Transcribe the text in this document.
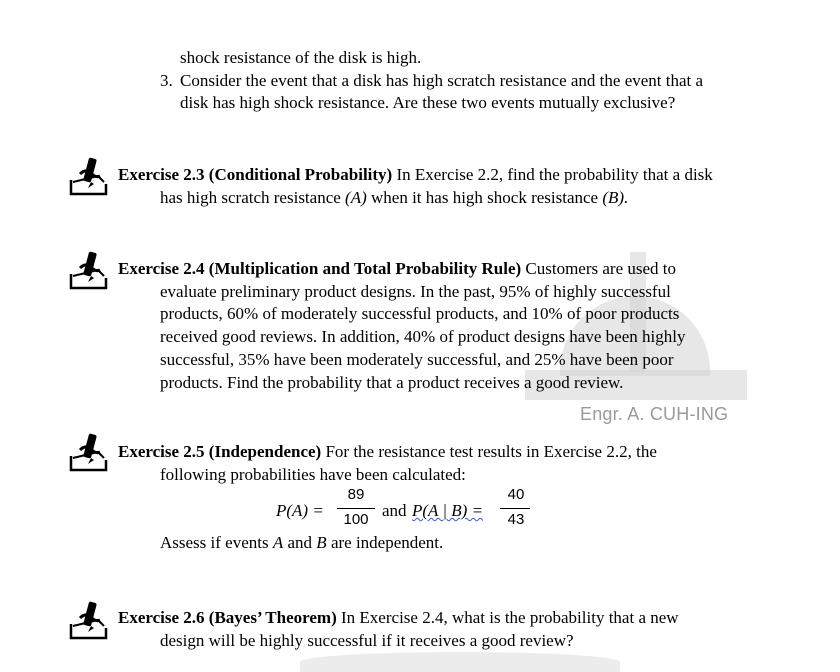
Engr. A. CUH-ING
shock resistance of the disk is high.
3. Consider the event that a disk has high scratch resistance and the event that a
disk has high shock resistance. Are these two events mutually exclusive?
Exercise 2.3 (Conditional Probability) In Exercise 2.2, find the probability that a disk
has high scratch resistance (A) when it has high shock resistance (B).
Exercise 2.4 (Multiplication and Total Probability Rule) Customers are used to
evaluate preliminary product designs. In the past, 95% of highly successful
products, 60% of moderately successful products, and 10% of poor products
received good reviews. In addition, 40% of product designs have been highly
successful, 35% have been moderately successful, and 25% have been poor
products. Find the probability that a product receives a good review.
Exercise 2.5 (Independence) For the resistance test results in Exercise 2.2, the
following probabilities have been calculated:
P(A) =
89
100 and P(A | B) =
40
43
Assess if events A and B are independent.
Exercise 2.6 (Bayes’ Theorem) In Exercise 2.4, what is the probability that a new
design will be highly successful if it receives a good review?
